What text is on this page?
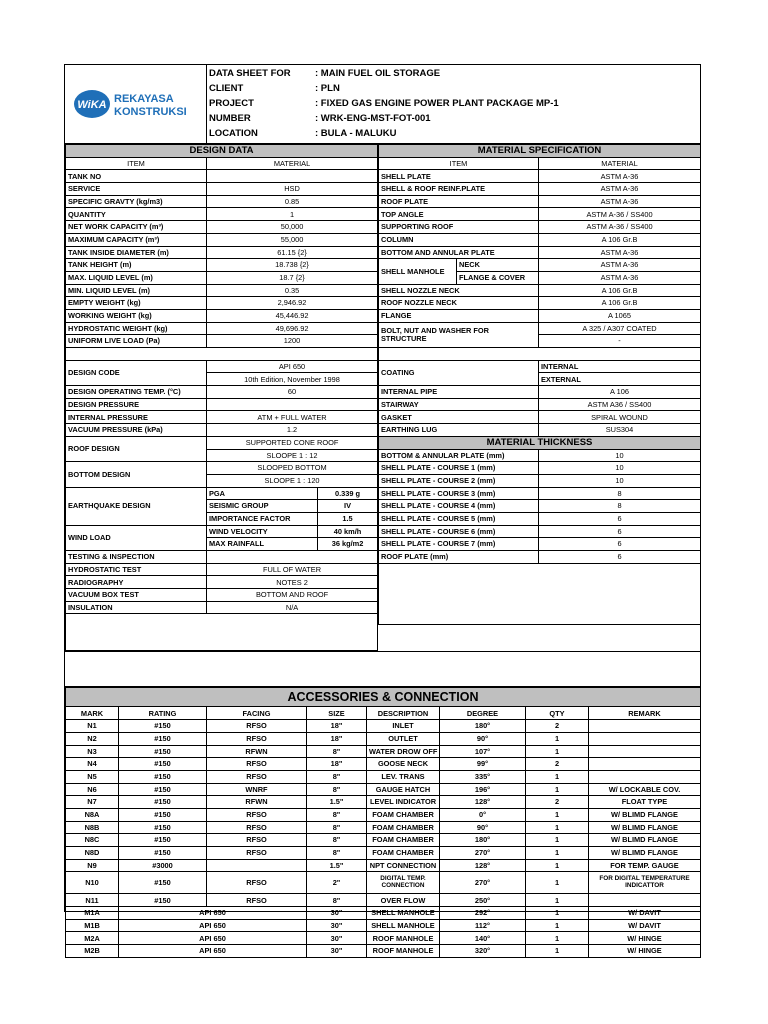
WiKA REKAYASA
KONSTRUKSI
DATA SHEET FOR	: MAIN FUEL OIL STORAGE
CLIENT	: PLN
PROJECT	: FIXED GAS ENGINE POWER PLANT PACKAGE MP-1
NUMBER	: WRK-ENG-MST-FOT-001
LOCATION	: BULA - MALUKU
DESIGN DATA		
ITEM	MATERIAL	
TANK NO		
SERVICE	HSD	
SPECIFIC GRAVTY (kg/m3)	0.85	
QUANTITY	1	
NET WORK CAPACITY (m³)	50,000	
MAXIMUM CAPACITY (m³)	55,000	
TANK INSIDE DIAMETER (m)	61.15 {2}	
TANK HEIGHT (m)	18.738 {2}	
MAX. LIQUID LEVEL (m)	18.7 {2}	
MIN. LIQUID LEVEL (m)	0.35	
EMPTY WEIGHT (kg)	2,946.92	
WORKING WEIGHT (kg)	45,446.92	
HYDROSTATIC WEIGHT (kg)	49,696.92	
UNIFORM LIVE LOAD (Pa)	1200	

DESIGN CODE	API 650	
	10th Edition, November 1998	
DESIGN OPERATING TEMP. (°C)	60	
DESIGN PRESSURE		
INTERNAL PRESSURE	ATM + FULL WATER	
VACUUM PRESSURE (kPa)	1.2	
ROOF DESIGN	SUPPORTED CONE ROOF	
	SLOOPE 1 : 12	
BOTTOM DESIGN	SLOOPED BOTTOM	
	SLOOPE 1 : 120	
EARTHQUAKE DESIGN	PGA	0.339 g
	SEISMIC GROUP	IV
	IMPORTANCE FACTOR	1.5
WIND LOAD	WIND VELOCITY	40 km/h
	MAX RAINFALL	36 kg/m2
TESTING & INSPECTION		
HYDROSTATIC TEST	FULL OF WATER	
RADIOGRAPHY	NOTES 2	
VACUUM BOX TEST	BOTTOM AND ROOF	
INSULATION	N/A	

MATERIAL SPECIFICATION		
ITEM		MATERIAL
SHELL PLATE		ASTM A-36
SHELL & ROOF REINF.PLATE		ASTM A-36
ROOF PLATE		ASTM A-36
TOP ANGLE		ASTM A-36 / SS400
SUPPORTING ROOF		ASTM A-36 / SS400
COLUMN		A 106 Gr.B
BOTTOM AND ANNULAR PLATE		ASTM A-36
SHELL MANHOLE	NECK	ASTM A-36
	FLANGE & COVER	ASTM A-36
SHELL NOZZLE NECK		A 106 Gr.B
ROOF NOZZLE NECK		A 106 Gr.B
FLANGE		A 1065
BOLT, NUT AND WASHER FOR STRUCTURE		A 325 / A307 COATED
		-

COATING		INTERNAL
		EXTERNAL
INTERNAL PIPE		A 106
STAIRWAY		ASTM A36 / SS400
GASKET		SPIRAL WOUND
EARTHING LUG		SUS304
MATERIAL THICKNESS		
BOTTOM & ANNULAR PLATE (mm)		10
SHELL PLATE - COURSE 1 (mm)		10
SHELL PLATE - COURSE 2 (mm)		10
SHELL PLATE - COURSE 3 (mm)		8
SHELL PLATE - COURSE 4 (mm)		8
SHELL PLATE - COURSE 5 (mm)		6
SHELL PLATE - COURSE 6 (mm)		6
SHELL PLATE - COURSE 7 (mm)		6
ROOF PLATE (mm)		6

ACCESSORIES & CONNECTION							
MARK	RATING	FACING	SIZE	DESCRIPTION	DEGREE	QTY	REMARK
N1	#150	RFSO	18"	INLET	180°	2	
N2	#150	RFSO	18"	OUTLET	90°	1	
N3	#150	RFWN	8"	WATER DROW OFF	107°	1	
N4	#150	RFSO	18"	GOOSE NECK	99°	2	
N5	#150	RFSO	8"	LEV. TRANS	335°	1	
N6	#150	WNRF	8"	GAUGE HATCH	196°	1	W/ LOCKABLE COV.
N7	#150	RFWN	1.5"	LEVEL INDICATOR	128°	2	FLOAT TYPE
N8A	#150	RFSO	8"	FOAM CHAMBER	0°	1	W/ BLIMD FLANGE
N8B	#150	RFSO	8"	FOAM CHAMBER	90°	1	W/ BLIMD FLANGE
N8C	#150	RFSO	8"	FOAM CHAMBER	180°	1	W/ BLIMD FLANGE
N8D	#150	RFSO	8"	FOAM CHAMBER	270°	1	W/ BLIMD FLANGE
N9	#3000		1.5"	NPT CONNECTION	128°	1	FOR TEMP. GAUGE
N10	#150	RFSO	2"	DIGITAL TEMP. CONNECTION	270°	1	FOR DIGITAL TEMPERATURE INDICATTOR
N11	#150	RFSO	8"	OVER FLOW	250°	1	
M1A	API 650		30"	SHELL MANHOLE	292°	1	W/ DAVIT
M1B	API 650		30"	SHELL MANHOLE	112°	1	W/ DAVIT
M2A	API 650		30"	ROOF MANHOLE	140°	1	W/ HINGE
M2B	API 650		30"	ROOF MANHOLE	320°	1	W/ HINGE
